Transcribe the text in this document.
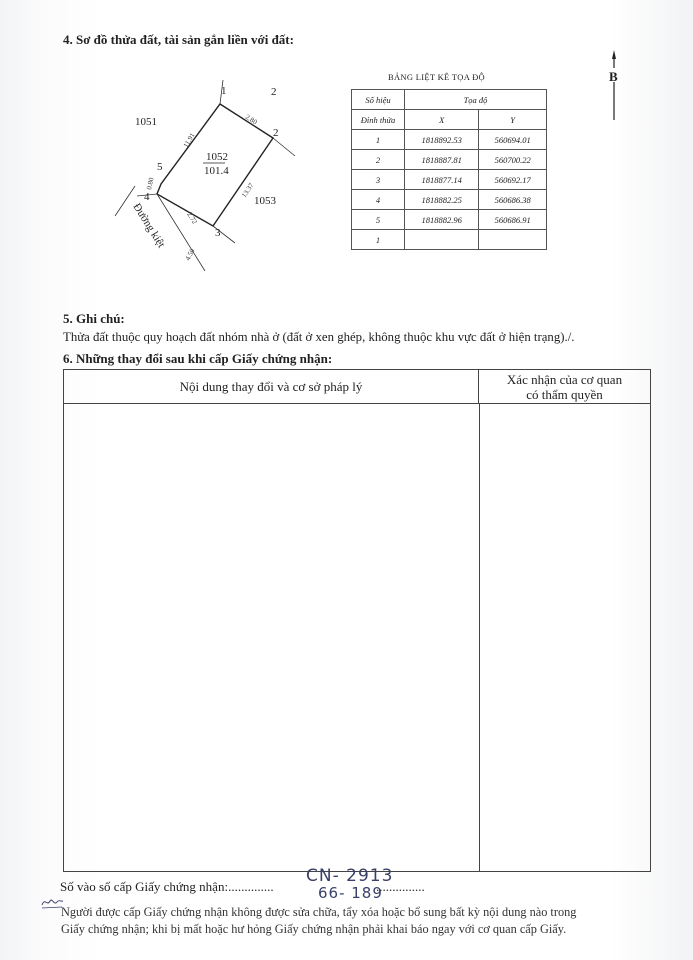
4. Sơ đồ thửa đất, tài sản gắn liền với đất:
1	2
2
3
4
5
1051
1053
1052
101.4
2.80
13.37
4.50
2.72
0.80
11.91
Đường kiệt
BẢNG LIỆT KÊ TỌA ĐỘ
Số hiệu	Tọa độ	
Đỉnh thửa	X	Y
1	1818892.53	560694.01
2	1818887.81	560700.22
3	1818877.14	560692.17
4	1818882.25	560686.38
5	1818882.96	560686.91
1		
B
5. Ghi chú:
Thửa đất thuộc quy hoạch đất nhóm nhà ở (đất ở xen ghép, không thuộc khu vực đất ở hiện trạng)./.
6. Những thay đổi sau khi cấp Giấy chứng nhận:
Nội dung thay đổi và cơ sở pháp lý	Xác nhận của cơ quan
có thẩm quyền
Số vào số cấp Giấy chứng nhận:..............	...............
CN- 2913
66- 189
Người được cấp Giấy chứng nhận không được sửa chữa, tẩy xóa hoặc bổ sung bất kỳ nội dung nào trong
Giấy chứng nhận; khi bị mất hoặc hư hỏng Giấy chứng nhận phải khai báo ngay với cơ quan cấp Giấy.
